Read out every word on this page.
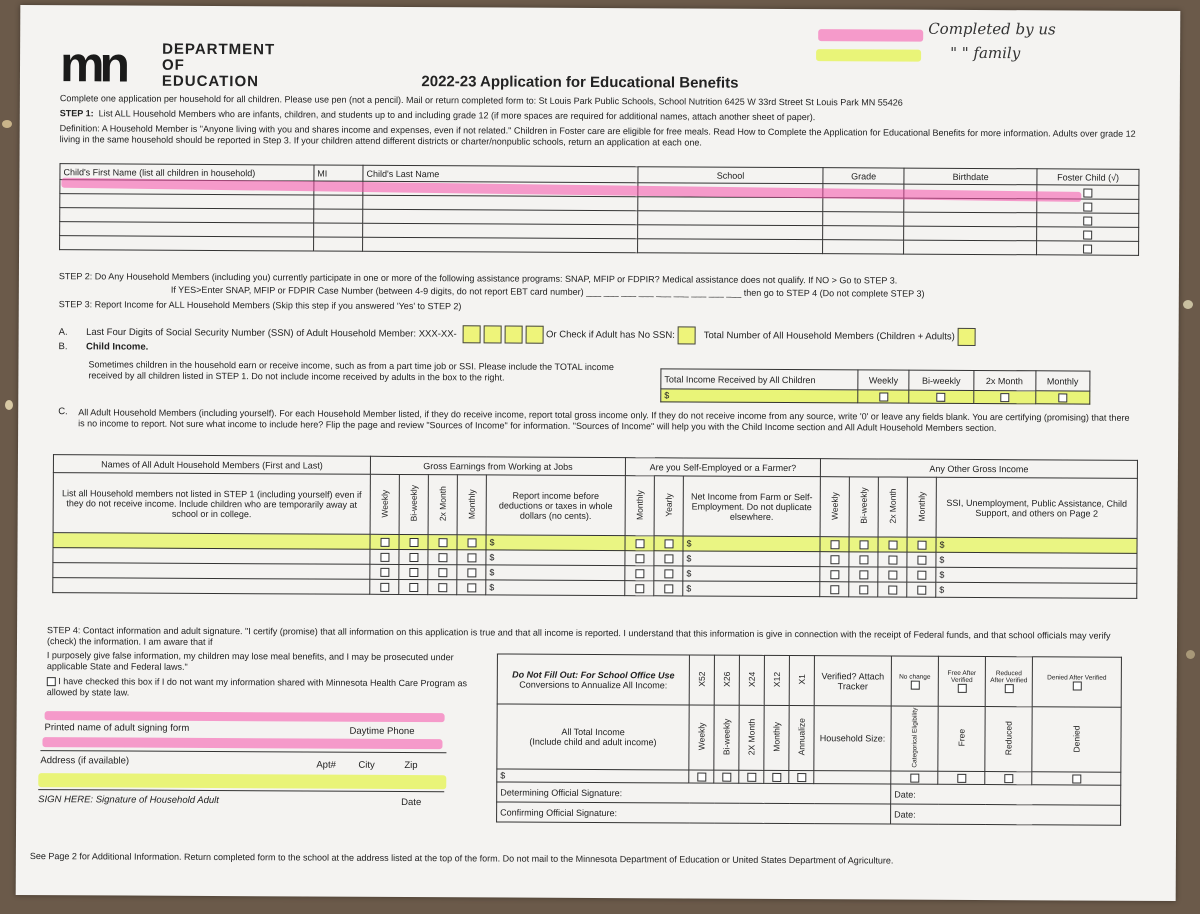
mn DEPARTMENT
OF EDUCATION
Completed by us
" " family
2022-23 Application for Educational Benefits
Complete one application per household for all children. Please use pen (not a pencil). Mail or return completed form to: St Louis Park Public Schools, School Nutrition 6425 W 33rd Street St Louis Park MN 55426
STEP 1: List ALL Household Members who are infants, children, and students up to and including grade 12 (if more spaces are required for additional names, attach another sheet of paper).
Definition: A Household Member is "Anyone living with you and shares income and expenses, even if not related." Children in Foster care are eligible for free meals. Read How to Complete the Application for Educational Benefits for more information. Adults over grade 12 living in the same household should be reported in Step 3. If your children attend different districts or charter/nonpublic schools, return an application at each one.
Child's First Name (list all children in household)	MI	Child's Last Name	School	Grade	Birthdate	Foster Child (√)

STEP 2: Do Any Household Members (including you) currently participate in one or more of the following assistance programs: SNAP, MFIP or FDPIR? Medical assistance does not qualify. If NO > Go to STEP 3.
If YES>Enter SNAP, MFIP or FDPIR Case Number (between 4-9 digits, do not report EBT card number) ___ ___ ___ ___ ___ ___ ___ ___ ___ then go to STEP 4 (Do not complete STEP 3)
STEP 3: Report Income for ALL Household Members (Skip this step if you answered 'Yes' to STEP 2)
A. Last Four Digits of Social Security Number (SSN) of Adult Household Member: XXX-XX-	Or Check if Adult has No SSN:	Total Number of All Household Members (Children + Adults)
B. Child Income.
Sometimes children in the household earn or receive income, such as from a part time job or SSI. Please include the TOTAL income received by all children listed in STEP 1. Do not include income received by adults in the box to the right.	Total Income Received by All Children	Weekly	Bi-weekly	2x Month	Monthly
$				
C. All Adult Household Members (including yourself). For each Household Member listed, if they do receive income, report total gross income only. If they do not receive income from any source, write '0' or leave any fields blank. You are certifying (promising) that there is no income to report. Not sure what income to include here? Flip the page and review "Sources of Income" for information. "Sources of Income" will help you with the Child Income section and All Adult Household Members section.
Names of All Adult Household Members (First and Last)	Gross Earnings from Working at Jobs					Are you Self-Employed or a Farmer?			Any Other Gross Income				
List all Household members not listed in STEP 1 (including yourself) even if they do not receive income. Include children who are temporarily away at school or in college.	Weekly	Bi-weekly	2x Month	Monthly	Report income before deductions or taxes in whole dollars (no cents).	Monthly	Yearly	Net Income from Farm or Self-Employment. Do not duplicate elsewhere.	Weekly	Bi-weekly	2x Month	Monthly	SSI, Unemployment, Public Assistance, Child Support, and others on Page 2
					$			$					$
					$			$					$
					$			$					$
					$			$					$
STEP 4: Contact information and adult signature. "I certify (promise) that all information on this application is true and that all income is reported. I understand that this information is give in connection with the receipt of Federal funds, and that school officials may verify (check) the information. I am aware that if
I purposely give false information, my children may lose meal benefits, and I may be prosecuted under applicable State and Federal laws."
I have checked this box if I do not want my information shared with Minnesota Health Care Program as allowed by state law.
Printed name of adult signing form	Daytime Phone
Address (if available)	Apt# City	Zip
SIGN HERE: Signature of Household Adult	Date
Do Not Fill Out: For School Office Use
Conversions to Annualize All Income:	X52	X26	X24	X12	X1	Verified? Attach Tracker	No change	Free After Verified	Reduced After Verified	Denied After Verified

All Total Income
(Include child and adult income)	Weekly	Bi-weekly	2X Month	Monthly	Annualize	Household Size:	Categorical Eligibility	Free	Reduced	Denied
$										
Determining Official Signature:							Date:			
Confirming Official Signature:							Date:			
See Page 2 for Additional Information. Return completed form to the school at the address listed at the top of the form. Do not mail to the Minnesota Department of Education or United States Department of Agriculture.
